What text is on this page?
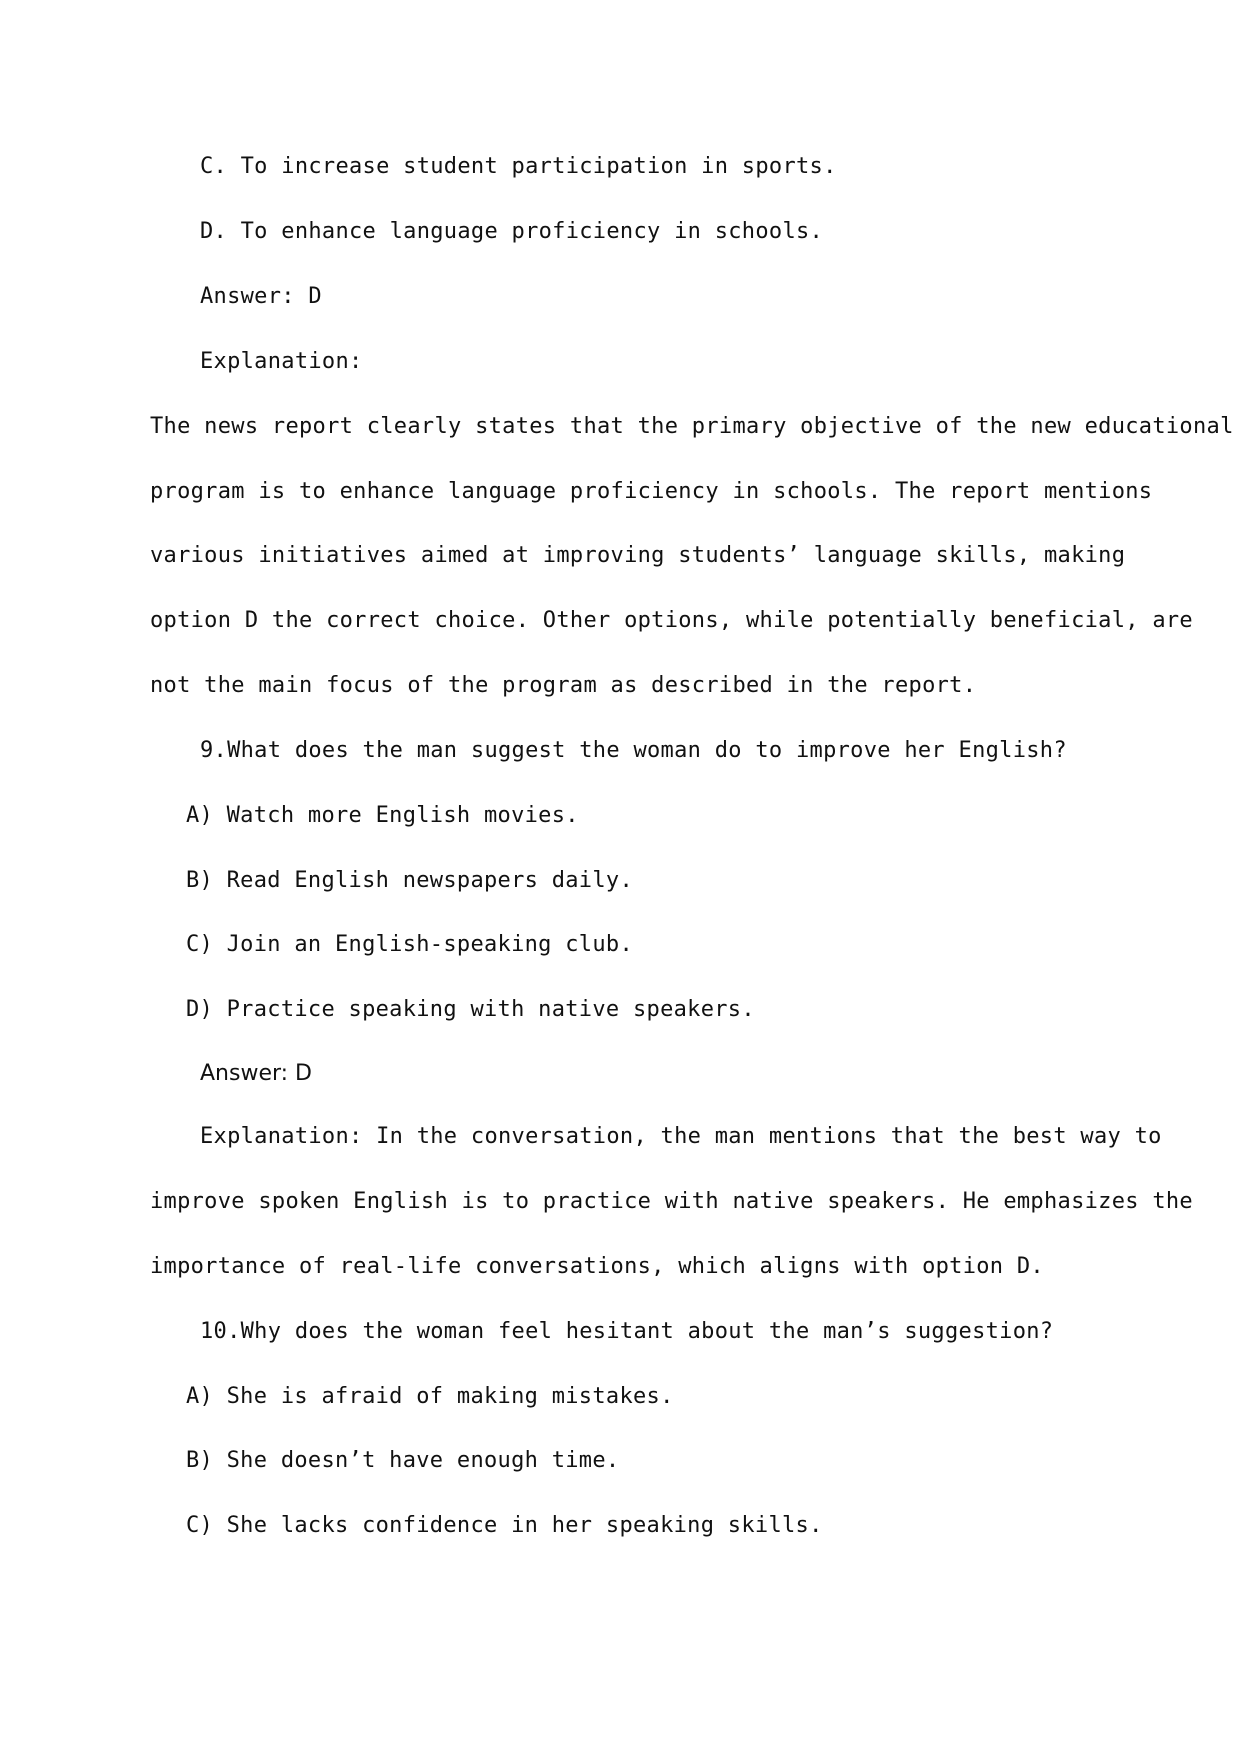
C. To increase student participation in sports.
D. To enhance language proficiency in schools.
Answer: D
Explanation:
The news report clearly states that the primary objective of the new educational
program is to enhance language proficiency in schools. The report mentions
various initiatives aimed at improving students’ language skills, making
option D the correct choice. Other options, while potentially beneficial, are
not the main focus of the program as described in the report.
9.What does the man suggest the woman do to improve her English?
A) Watch more English movies.
B) Read English newspapers daily.
C) Join an English-speaking club.
D) Practice speaking with native speakers.
Answer: D
Explanation: In the conversation, the man mentions that the best way to
improve spoken English is to practice with native speakers. He emphasizes the
importance of real-life conversations, which aligns with option D.
10.Why does the woman feel hesitant about the man’s suggestion?
A) She is afraid of making mistakes.
B) She doesn’t have enough time.
C) She lacks confidence in her speaking skills.
